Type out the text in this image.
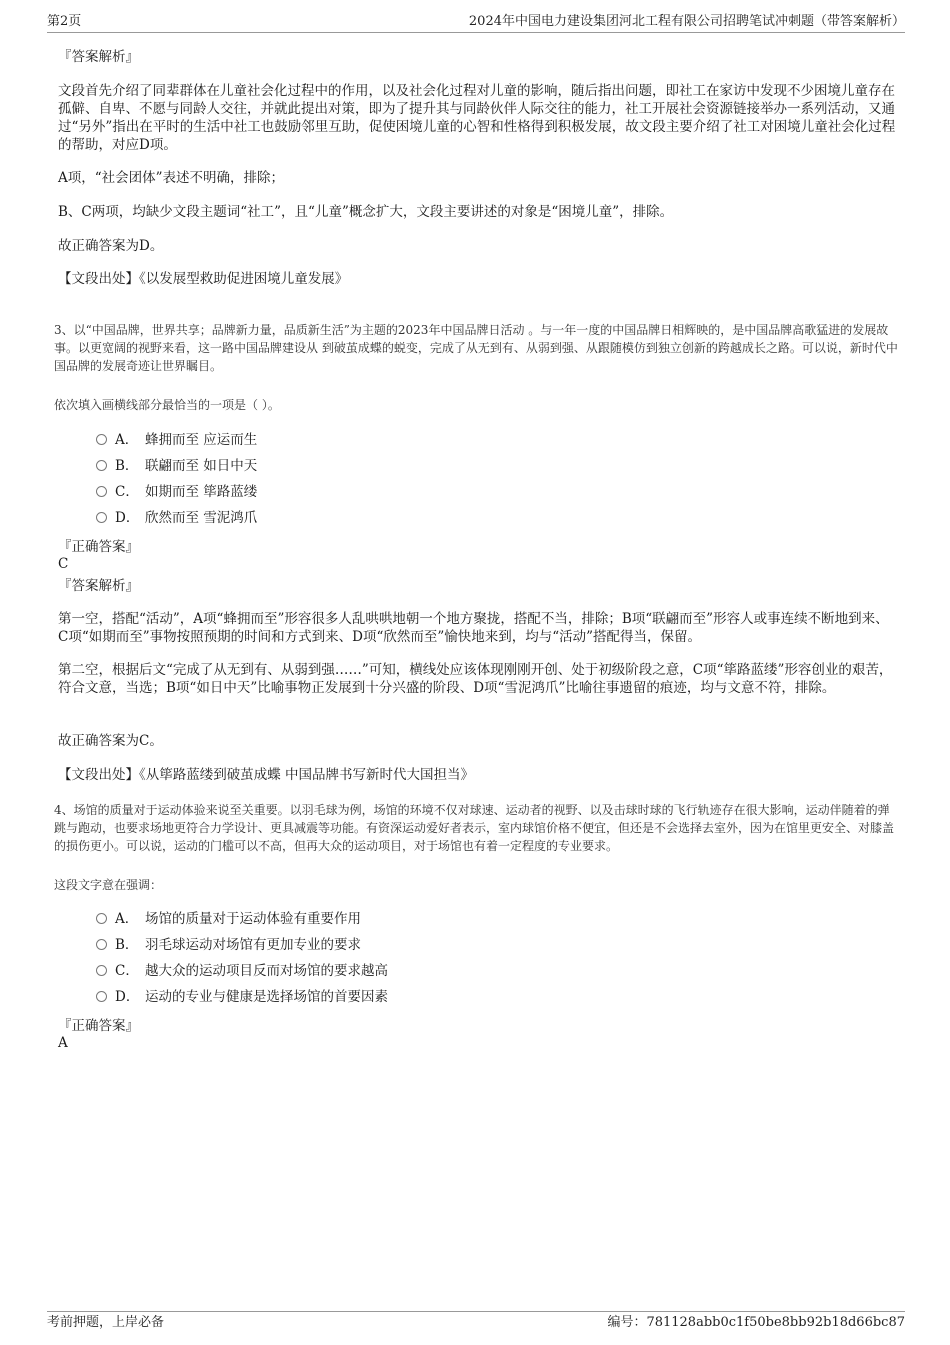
第2页	2024年中国电力建设集团河北工程有限公司招聘笔试冲刺题（带答案解析）
『答案解析』

文段首先介绍了同辈群体在儿童社会化过程中的作用，以及社会化过程对儿童的影响，随后指出问题，即社工在家访中发现不少困境儿童存在孤僻、自卑、不愿与同龄人交往，并就此提出对策，即为了提升其与同龄伙伴人际交往的能力，社工开展社会资源链接举办一系列活动，又通过“另外”指出在平时的生活中社工也鼓励邻里互助，促使困境儿童的心智和性格得到积极发展，故文段主要介绍了社工对困境儿童社会化过程的帮助，对应D项。

A项，“社会团体”表述不明确，排除；

B、C两项，均缺少文段主题词“社工”，且“儿童”概念扩大，文段主要讲述的对象是“困境儿童”，排除。

故正确答案为D。

【文段出处】《以发展型救助促进困境儿童发展》

3、以“中国品牌，世界共享；品牌新力量，品质新生活”为主题的2023年中国品牌日活动 。与一年一度的中国品牌日相辉映的，是中国品牌高歌猛进的发展故事。以更宽阔的视野来看，这一路中国品牌建设从 到破茧成蝶的蜕变，完成了从无到有、从弱到强、从跟随模仿到独立创新的跨越成长之路。可以说，新时代中国品牌的发展奇迹让世界瞩目。

依次填入画横线部分最恰当的一项是（ ）。

A． 蜂拥而至 应运而生
B． 联翩而至 如日中天
C． 如期而至 筚路蓝缕
D． 欣然而至 雪泥鸿爪
『正确答案』
C
『答案解析』

第一空，搭配“活动”，A项“蜂拥而至”形容很多人乱哄哄地朝一个地方聚拢，搭配不当，排除；B项“联翩而至”形容人或事连续不断地到来、C项“如期而至”事物按照预期的时间和方式到来、D项“欣然而至”愉快地来到，均与“活动”搭配得当，保留。

第二空，根据后文“完成了从无到有、从弱到强……”可知，横线处应该体现刚刚开创、处于初级阶段之意，C项“筚路蓝缕”形容创业的艰苦，符合文意，当选；B项“如日中天”比喻事物正发展到十分兴盛的阶段、D项“雪泥鸿爪”比喻往事遗留的痕迹，均与文意不符，排除。

故正确答案为C。

【文段出处】《从筚路蓝缕到破茧成蝶 中国品牌书写新时代大国担当》

4、场馆的质量对于运动体验来说至关重要。以羽毛球为例，场馆的环境不仅对球速、运动者的视野、以及击球时球的飞行轨迹存在很大影响，运动伴随着的弹跳与跑动，也要求场地更符合力学设计、更具减震等功能。有资深运动爱好者表示，室内球馆价格不便宜，但还是不会选择去室外，因为在馆里更安全、对膝盖的损伤更小。可以说，运动的门槛可以不高，但再大众的运动项目，对于场馆也有着一定程度的专业要求。

这段文字意在强调：

A． 场馆的质量对于运动体验有重要作用
B． 羽毛球运动对场馆有更加专业的要求
C． 越大众的运动项目反而对场馆的要求越高
D． 运动的专业与健康是选择场馆的首要因素
『正确答案』
A
考前押题，上岸必备	编号：781128abb0c1f50be8bb92b18d66bc87
